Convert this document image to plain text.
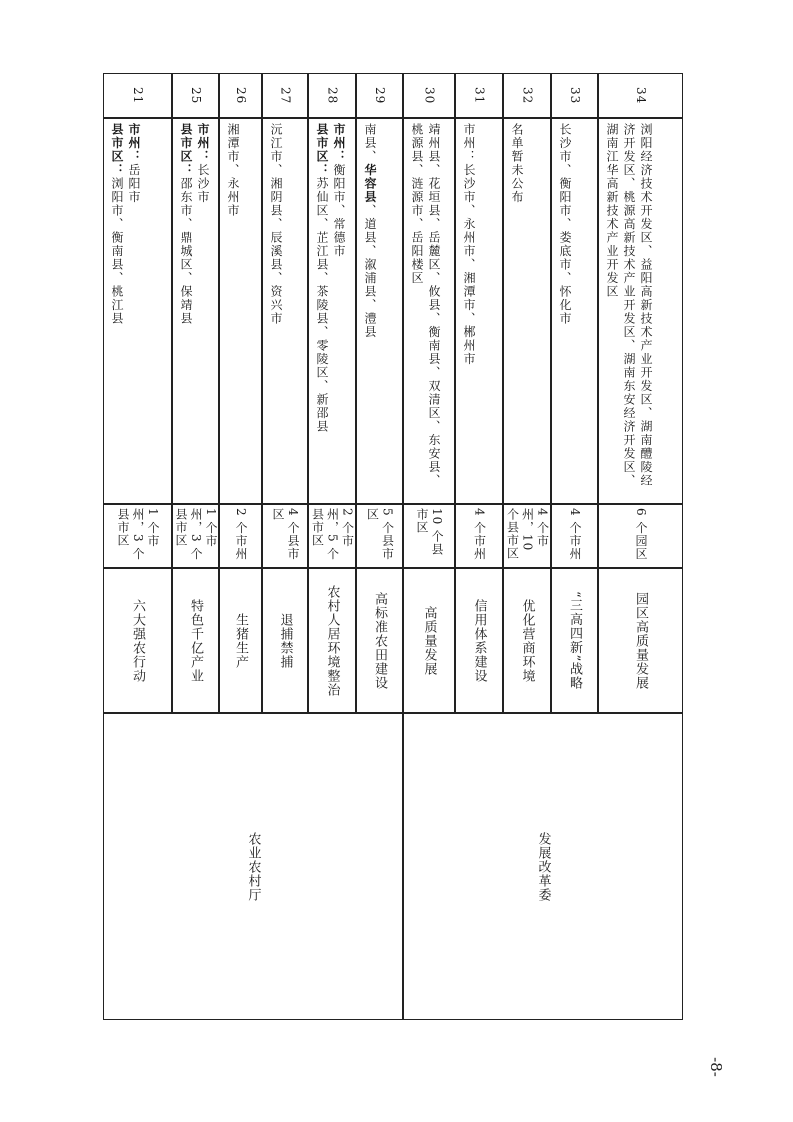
21
市州：岳阳市
县市区：浏阳市、衡南县、桃江县

1 个市州，3 个县市区
六大强农行动
25
市州：长沙市
县市区：邵东市、鼎城区、保靖县

1 个市州，3 个县市区
特色千亿产业
26
湘潭市、永州市

2 个市州
生猪生产
27
沅江市、湘阴县、辰溪县、资兴市

4 个县市区
退捕禁捕
28
市州：衡阳市、常德市
县市区：苏仙区、芷江县、茶陵县、零陵区、新邵县

2 个市州，5 个县市区
农村人居环境整治
29
南县、华容县、道县、溆浦县、澧县

5 个县市区
高标准农田建设
30
靖州县、花垣县、岳麓区、攸县、衡南县、双清区、东安县、桃源县、涟源市、岳阳楼区

10 个县市区
高质量发展
31
市州：长沙市、永州市、湘潭市、郴州市

4 个市州
信用体系建设
32
名单暂未公布

4 个市州，10 个县市区
优化营商环境
33
长沙市、衡阳市、娄底市、怀化市

4 个市州
“三高四新”战略
34
浏阳经济技术开发区、益阳高新技术产业开发区、湖南醴陵经济开发区、桃源高新技术产业开发区、湖南东安经济开发区、湖南江华高新技术产业开发区

6 个园区
园区高质量发展
农业农村厅	发展改革委
-8-
